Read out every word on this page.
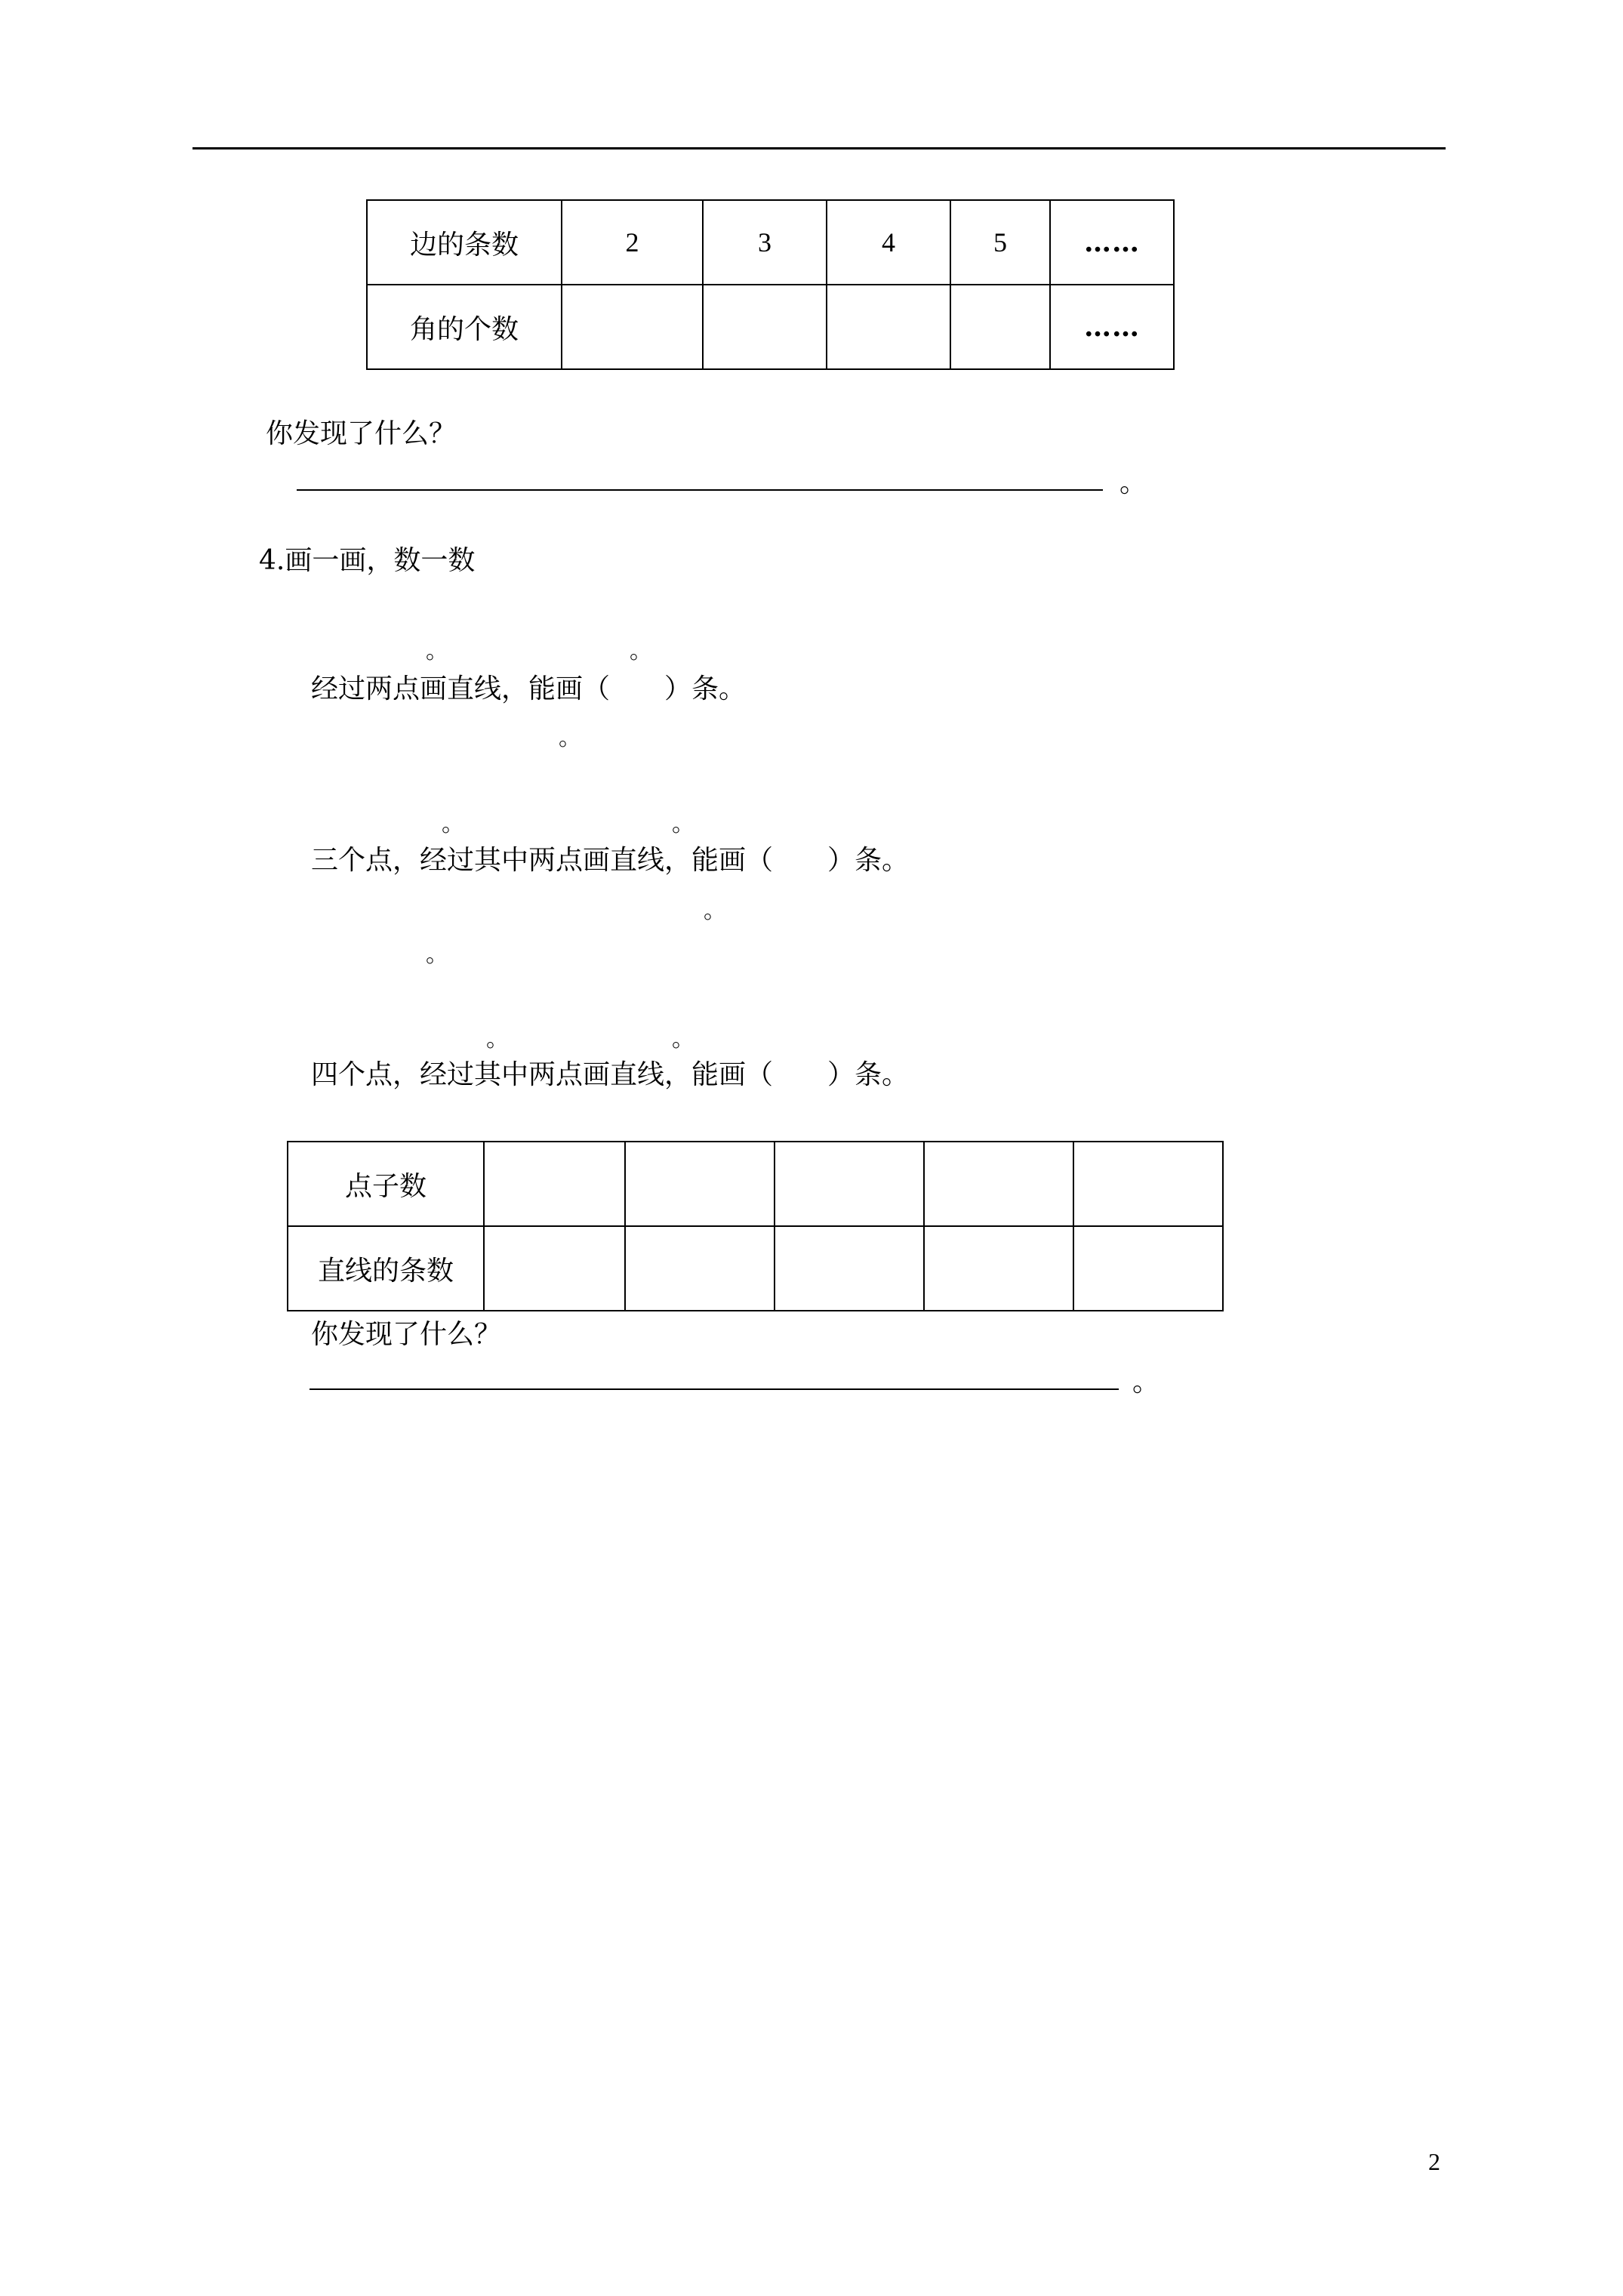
边的条数	2	3	4	5	……
角的个数					……
你发现了什么？
。
4.画一画，数一数
。	。
经过两点画直线，能画（　　）条。
。
。	。
三个点，经过其中两点画直线，能画（　　）条。
。
。
。	。
四个点，经过其中两点画直线，能画（　　）条。
点子数					
直线的条数					
你发现了什么？
。
2
